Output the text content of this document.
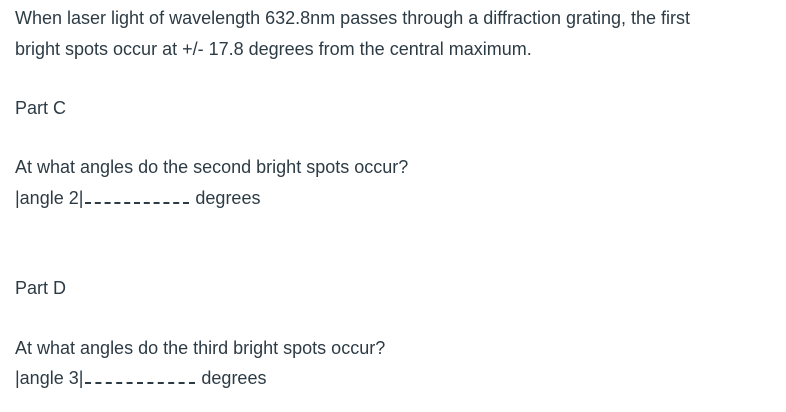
When laser light of wavelength 632.8nm passes through a diffraction grating, the first
bright spots occur at +/- 17.8 degrees from the central maximum.
Part C
At what angles do the second bright spots occur?
|angle 2|	degrees
Part D
At what angles do the third bright spots occur?
|angle 3|	degrees
